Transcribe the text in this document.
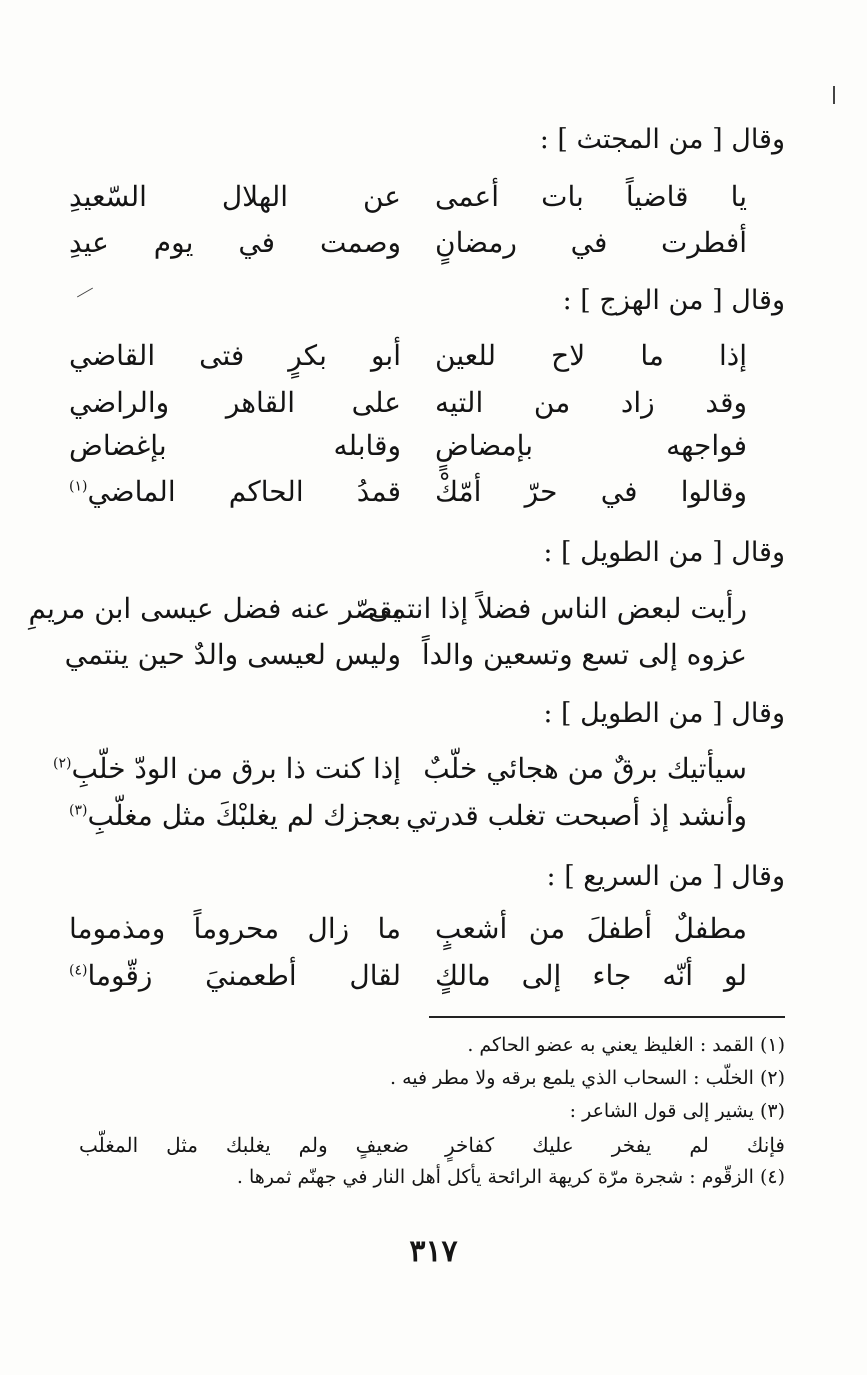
وقال [ من المجتث ] :
يا قاضياً بات أعمى
عن الهلال السّعيدِ
أفطرت في رمضانٍ
وصمت في يوم عيدِ
وقال [ من الهزج ] :
إذا ما لاح للعين
أبو بكرٍ فتى القاضي
وقد زاد من التيه
على القاهر والراضي
فواجهه بإمضاضٍ
وقابله بإغضاض
وقالوا في حرّ أمّكْ
قمدُ الحاكم الماضي$^{(١)}$
وقال [ من الطويل ] :
رأيت لبعض الناس فضلاً إذا انتمى
يقصّر عنه فضل عيسى ابن مريمِ
عزوه إلى تسع وتسعين والداً
وليس لعيسى والدٌ حين ينتمي
وقال [ من الطويل ] :
سيأتيك برقٌ من هجائي خلّبٌ
إذا كنت ذا برق من الودّ خلّبِ$^{(٢)}$
وأنشد إذ أصبحت تغلب قدرتي
بعجزك لم يغلبْكَ مثل مغلّبِ$^{(٣)}$
وقال [ من السريع ] :
مطفلٌ أطفلَ من أشعبٍ
ما زال محروماً ومذموما
لو أنّه جاء إلى مالكٍ
لقال أطعمنيَ زقّوما$^{(٤)}$
(١) القمد : الغليظ يعني به عضو الحاكم .
(٢) الخلّب : السحاب الذي يلمع برقه ولا مطر فيه .
(٣) يشير إلى قول الشاعر :
فإنك لم يفخر عليك كفاخرٍ
ضعيفٍ ولم يغلبك مثل المغلّب
(٤) الزقّوم : شجرة مرّة كريهة الرائحة يأكل أهل النار في جهنّم ثمرها .
٣١٧
